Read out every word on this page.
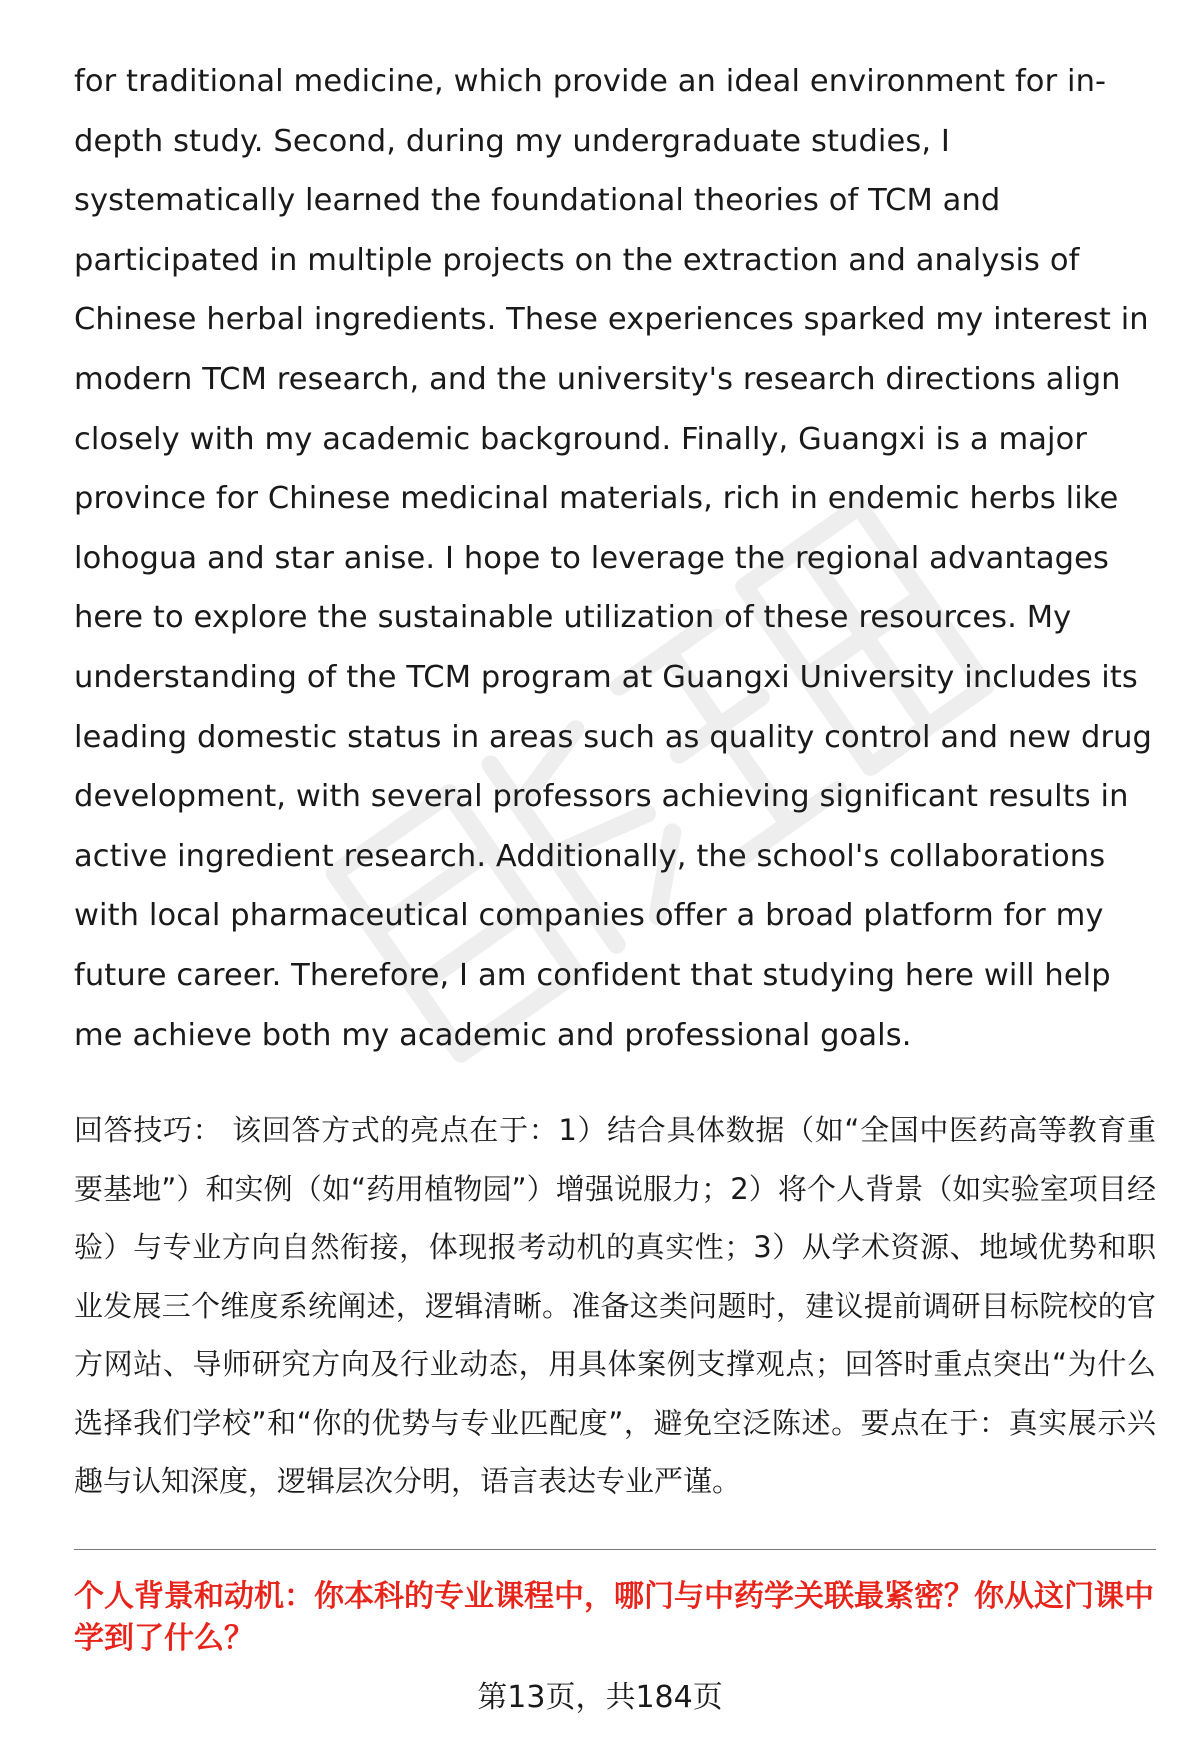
for traditional medicine, which provide an ideal environment for in-depth study. Second, during my undergraduate studies, I systematically learned the foundational theories of TCM and participated in multiple projects on the extraction and analysis of Chinese herbal ingredients. These experiences sparked my interest in modern TCM research, and the university's research directions align closely with my academic background. Finally, Guangxi is a major province for Chinese medicinal materials, rich in endemic herbs like lohogua and star anise. I hope to leverage the regional advantages here to explore the sustainable utilization of these resources. My understanding of the TCM program at Guangxi University includes its leading domestic status in areas such as quality control and new drug development, with several professors achieving significant results in active ingredient research. Additionally, the school's collaborations with local pharmaceutical companies offer a broad platform for my future career. Therefore, I am confident that studying here will help me achieve both my academic and professional goals.

回答技巧： 该回答方式的亮点在于：1）结合具体数据（如“全国中医药高等教育重要基地”）和实例（如“药用植物园”）增强说服力；2）将个人背景（如实验室项目经验）与专业方向自然衔接，体现报考动机的真实性；3）从学术资源、地域优势和职业发展三个维度系统阐述，逻辑清晰。准备这类问题时，建议提前调研目标院校的官方网站、导师研究方向及行业动态，用具体案例支撑观点；回答时重点突出“为什么选择我们学校”和“你的优势与专业匹配度”，避免空泛陈述。要点在于：真实展示兴趣与认知深度，逻辑层次分明，语言表达专业严谨。

个人背景和动机：你本科的专业课程中，哪门与中药学关联最紧密？你从这门课中学到了什么？

第13页，共184页
